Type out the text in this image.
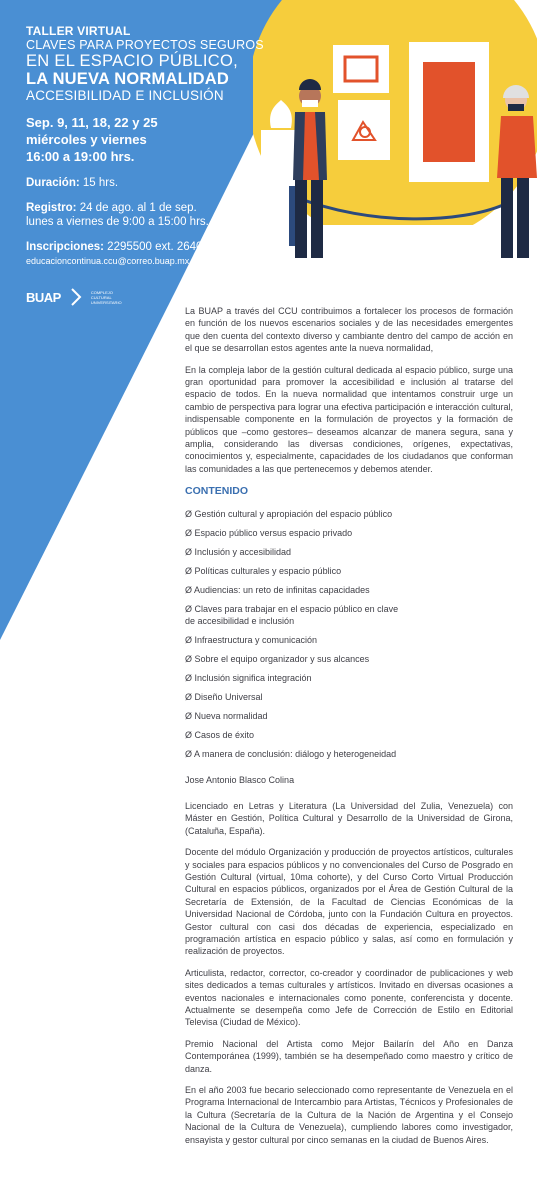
TALLER VIRTUAL
CLAVES PARA PROYECTOS SEGUROS
EN EL ESPACIO PÚBLICO,
LA NUEVA NORMALIDAD
ACCESIBILIDAD E INCLUSIÓN
Sep. 9, 11, 18, 22 y 25
miércoles y viernes
16:00 a 19:00 hrs.
Duración: 15 hrs.
Registro: 24 de ago. al 1 de sep.
lunes a viernes de 9:00 a 15:00 hrs.
Inscripciones: 2295500 ext. 2640
educacioncontinua.ccu@correo.buap.mx
BUAP	COMPLEJO CULTURAL UNIVERSITARIO

La BUAP a través del CCU contribuimos a fortalecer los procesos de formación en función de los nuevos escenarios sociales y de las necesidades emergentes que den cuenta del contexto diverso y cambiante dentro del campo de acción en el que se desarrollan estos agentes ante la nueva normalidad,

En la compleja labor de la gestión cultural dedicada al espacio público, surge una gran oportunidad para promover la accesibilidad e inclusión al tratarse del espacio de todos. En la nueva normalidad que intentamos construir urge un cambio de perspectiva para lograr una efectiva participación e interacción cultural, indispensable componente en la formulación de proyectos y la formación de públicos que –como gestores– deseamos alcanzar de manera segura, sana y amplia, considerando las diversas condiciones, orígenes, expectativas, conocimientos y, especialmente, capacidades de los ciudadanos que conforman las comunidades a las que pertenecemos y debemos atender.

CONTENIDO
Ø Gestión cultural y apropiación del espacio público
Ø Espacio público versus espacio privado
Ø Inclusión y accesibilidad
Ø Políticas culturales y espacio público
Ø Audiencias: un reto de infinitas capacidades
Ø Claves para trabajar en el espacio público en clave
de accesibilidad e inclusión
Ø Infraestructura y comunicación
Ø Sobre el equipo organizador y sus alcances
Ø Inclusión significa integración
Ø Diseño Universal
Ø Nueva normalidad
Ø Casos de éxito
Ø A manera de conclusión: diálogo y heterogeneidad
Jose Antonio Blasco Colina

Licenciado en Letras y Literatura (La Universidad del Zulia, Venezuela) con Máster en Gestión, Política Cultural y Desarrollo de la Universidad de Girona, (Cataluña, España).

Docente del módulo Organización y producción de proyectos artísticos, culturales y sociales para espacios públicos y no convencionales del Curso de Posgrado en Gestión Cultural (virtual, 10ma cohorte), y del Curso Corto Virtual Producción Cultural en espacios públicos, organizados por el Área de Gestión Cultural de la Secretaría de Extensión, de la Facultad de Ciencias Económicas de la Universidad Nacional de Córdoba, junto con la Fundación Cultura en proyectos. Gestor cultural con casi dos décadas de experiencia, especializado en programación artística en espacio público y salas, así como en formulación y realización de proyectos.

Articulista, redactor, corrector, co-creador y coordinador de publicaciones y web sites dedicados a temas culturales y artísticos. Invitado en diversas ocasiones a eventos nacionales e internacionales como ponente, conferencista y docente. Actualmente se desempeña como Jefe de Corrección de Estilo en Editorial Televisa (Ciudad de México).

Premio Nacional del Artista como Mejor Bailarín del Año en Danza Contemporánea (1999), también se ha desempeñado como maestro y crítico de danza.

En el año 2003 fue becario seleccionado como representante de Venezuela en el Programa Internacional de Intercambio para Artistas, Técnicos y Profesionales de la Cultura (Secretaría de la Cultura de la Nación de Argentina y el Consejo Nacional de la Cultura de Venezuela), cumpliendo labores como investigador, ensayista y gestor cultural por cinco semanas en la ciudad de Buenos Aires.
